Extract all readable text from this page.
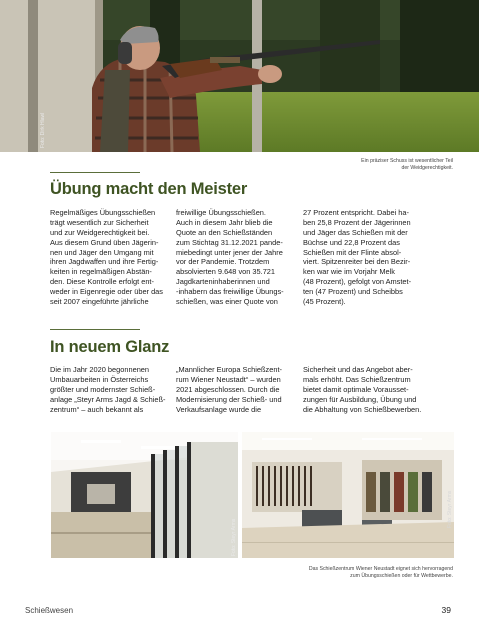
Foto: Dirk Hlawl
Ein präziser Schuss ist wesentlicher Teil
der Weidgerechtigkeit.
Übung macht den Meister
Regelmäßiges Übungsschießen
trägt wesentlich zur Sicherheit
und zur Weidgerechtigkeit bei.
Aus diesem Grund üben Jägerin-
nen und Jäger den Umgang mit
ihren Jagdwaffen und ihre Fertig-
keiten in regelmäßigen Abstän-
den. Diese Kontrolle erfolgt ent-
weder in Eigenregie oder über das
seit 2007 eingeführte jährliche
freiwillige Übungsschießen.
Auch in diesem Jahr blieb die
Quote an den Schießständen
zum Stichtag 31.12.2021 pande-
miebedingt unter jener der Jahre
vor der Pandemie. Trotzdem
absolvierten 9.648 von 35.721
Jagdkarteninhaberinnen und
-inhabern das freiwillige Übungs-
schießen, was einer Quote von
27 Prozent entspricht. Dabei ha-
ben 25,8 Prozent der Jägerinnen
und Jäger das Schießen mit der
Büchse und 22,8 Prozent das
Schießen mit der Flinte absol-
viert. Spitzenreiter bei den Bezir-
ken war wie im Vorjahr Melk
(48 Prozent), gefolgt von Amstet-
ten (47 Prozent) und Scheibbs
(45 Prozent).
In neuem Glanz
Die im Jahr 2020 begonnenen
Umbauarbeiten in Österreichs
größter und modernster Schieß-
anlage „Steyr Arms Jagd & Schieß-
zentrum“ – auch bekannt als
„Mannlicher Europa Schießzent-
rum Wiener Neustadt“ – wurden
2021 abgeschlossen. Durch die
Modernisierung der Schieß- und
Verkaufsanlage wurde die
Sicherheit und das Angebot aber-
mals erhöht. Das Schießzentrum
bietet damit optimale Vorausset-
zungen für Ausbildung, Übung und
die Abhaltung von Schießbewerben.
Foto: Steyr Arms
Foto: Steyr Arms
Das Schießzentrum Wiener Neustadt eignet sich hervorragend
zum Übungsschießen oder für Wettbewerbe.
Schießwesen	39
